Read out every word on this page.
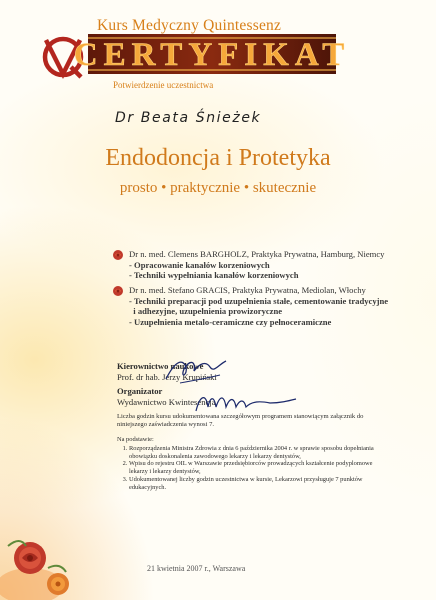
Kurs Medyczny Quintessenz
CERTYFIKAT
Potwierdzenie uczestnictwa
Dr Beata Śnieżek
Endodoncja i Protetyka
prosto • praktycznie • skutecznie
Dr n. med. Clemens BARGHOLZ, Praktyka Prywatna, Hamburg, Niemcy
- Opracowanie kanałów korzeniowych
- Techniki wypełniania kanałów korzeniowych
Dr n. med. Stefano GRACIS, Praktyka Prywatna, Mediolan, Włochy
- Techniki preparacji pod uzupełnienia stałe, cementowanie tradycyjne
i adhezyjne, uzupełnienia prowizoryczne
- Uzupełnienia metalo-ceramiczne czy pełnoceramiczne
Kierownictwo naukowe
Prof. dr hab. Jerzy Krupiński
Organizator
Wydawnictwo Kwintesencja
Liczba godzin kursu udokumentowana szczegółowym programem stanowiącym załącznik do niniejszego zaświadczenia wynosi 7.
Na podstawie:
1. Rozporządzenia Ministra Zdrowia z dnia 6 października 2004 r. w sprawie sposobu dopełniania obowiązku doskonalenia zawodowego lekarzy i lekarzy dentystów,
2. Wpisu do rejestru OIL w Warszawie przedsiębiorców prowadzących kształcenie podyplomowe lekarzy i lekarzy dentystów,
3. Udokumentowanej liczby godzin uczestnictwa w kursie, Lekarzowi przysługuje 7 punktów edukacyjnych.
21 kwietnia 2007 r., Warszawa
